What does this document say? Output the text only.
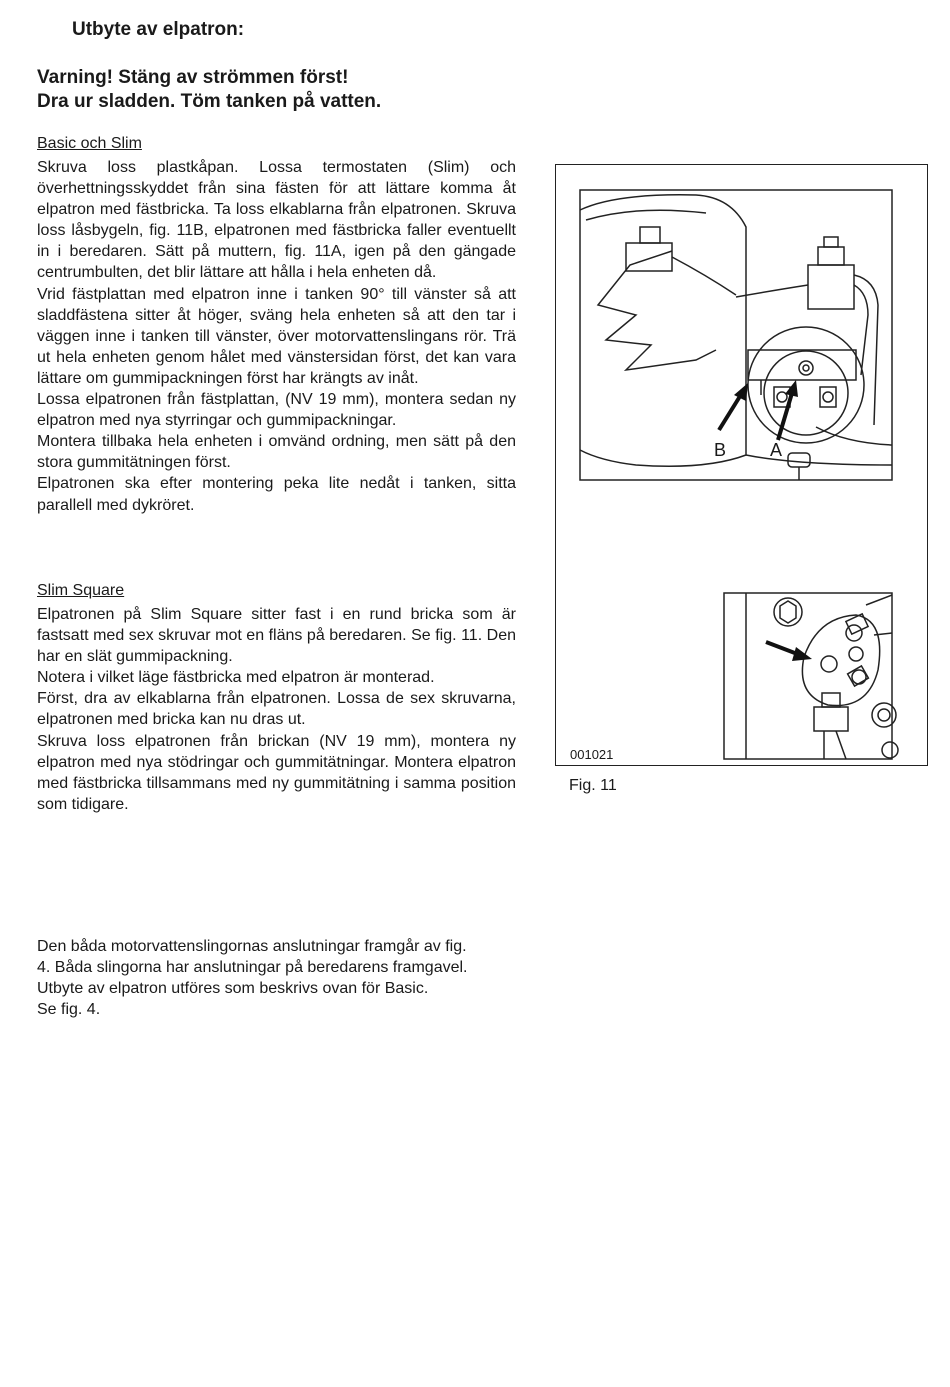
Utbyte av elpatron:
Varning! Stäng av strömmen först!
Dra ur sladden. Töm tanken på vatten.
Basic och Slim

Skruva loss plastkåpan. Lossa termostaten (Slim) och överhettningsskyddet från sina fästen för att lättare komma åt elpatron med fästbricka. Ta loss elkablarna från elpatronen. Skruva loss låsbygeln, fig. 11B, elpatronen med fästbricka faller eventuellt in i beredaren. Sätt på muttern, fig. 11A, igen på den gängade centrumbulten, det blir lättare att hålla i hela enheten då.

Vrid fästplattan med elpatron inne i tanken 90° till vänster så att sladdfästena sitter åt höger, sväng hela enheten så att den tar i väggen inne i tanken till vänster, över motorvattenslingans rör. Trä ut hela enheten genom hålet med vänstersidan först, det kan vara lättare om gummipackningen först har krängts av inåt.

Lossa elpatronen från fästplattan, (NV 19 mm), montera sedan ny elpatron med nya styrringar och gummipackningar.

Montera tillbaka hela enheten i omvänd ordning, men sätt på den stora gummitätningen först.

Elpatronen ska efter montering peka lite nedåt i tanken, sitta parallell med dykröret.

Slim Square

Elpatronen på Slim Square sitter fast i en rund bricka som är fastsatt med sex skruvar mot en fläns på beredaren. Se fig. 11. Den har en slät gummipackning.

Notera i vilket läge fästbricka med elpatron är monterad.

Först, dra av elkablarna från elpatronen. Lossa de sex skruvarna, elpatronen med bricka kan nu dras ut.

Skruva loss elpatronen från brickan (NV 19 mm), montera ny elpatron med nya stödringar och gummitätningar. Montera elpatron med fästbricka tillsammans med ny gummitätning i samma position som tidigare.

Den båda motorvattenslingornas anslutningar framgår av fig.

4. Båda slingorna har anslutningar på beredarens framgavel.

Utbyte av elpatron utföres som beskrivs ovan för Basic.

Se fig. 4.

B A
001021
Fig. 11
